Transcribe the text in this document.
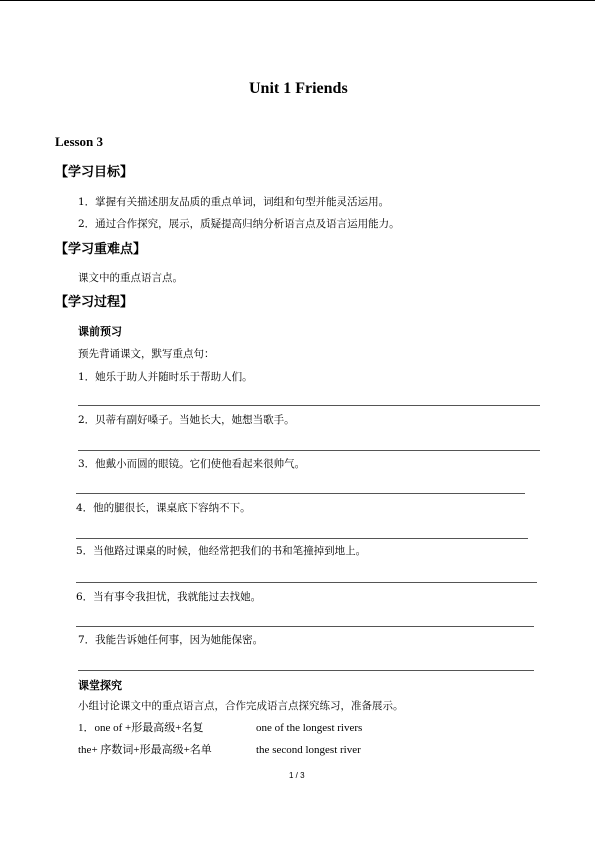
Unit 1 Friends
Lesson 3
【学习目标】
1．掌握有关描述朋友品质的重点单词，词组和句型并能灵活运用。
2．通过合作探究，展示，质疑提高归纳分析语言点及语言运用能力。
【学习重难点】
课文中的重点语言点。
【学习过程】
课前预习
预先背诵课文，默写重点句：
1．她乐于助人并随时乐于帮助人们。
2．贝蒂有副好嗓子。当她长大，她想当歌手。
3．他戴小而圆的眼镜。它们使他看起来很帅气。
4．他的腿很长，课桌底下容纳不下。
5．当他路过课桌的时候，他经常把我们的书和笔撞掉到地上。
6．当有事令我担忧，我就能过去找她。
7．我能告诉她任何事，因为她能保密。
课堂探究
小组讨论课文中的重点语言点，合作完成语言点探究练习，准备展示。
1．one of +形最高级+名复	one of the longest rivers
the+ 序数词+形最高级+名单	the second longest river
1 / 3
